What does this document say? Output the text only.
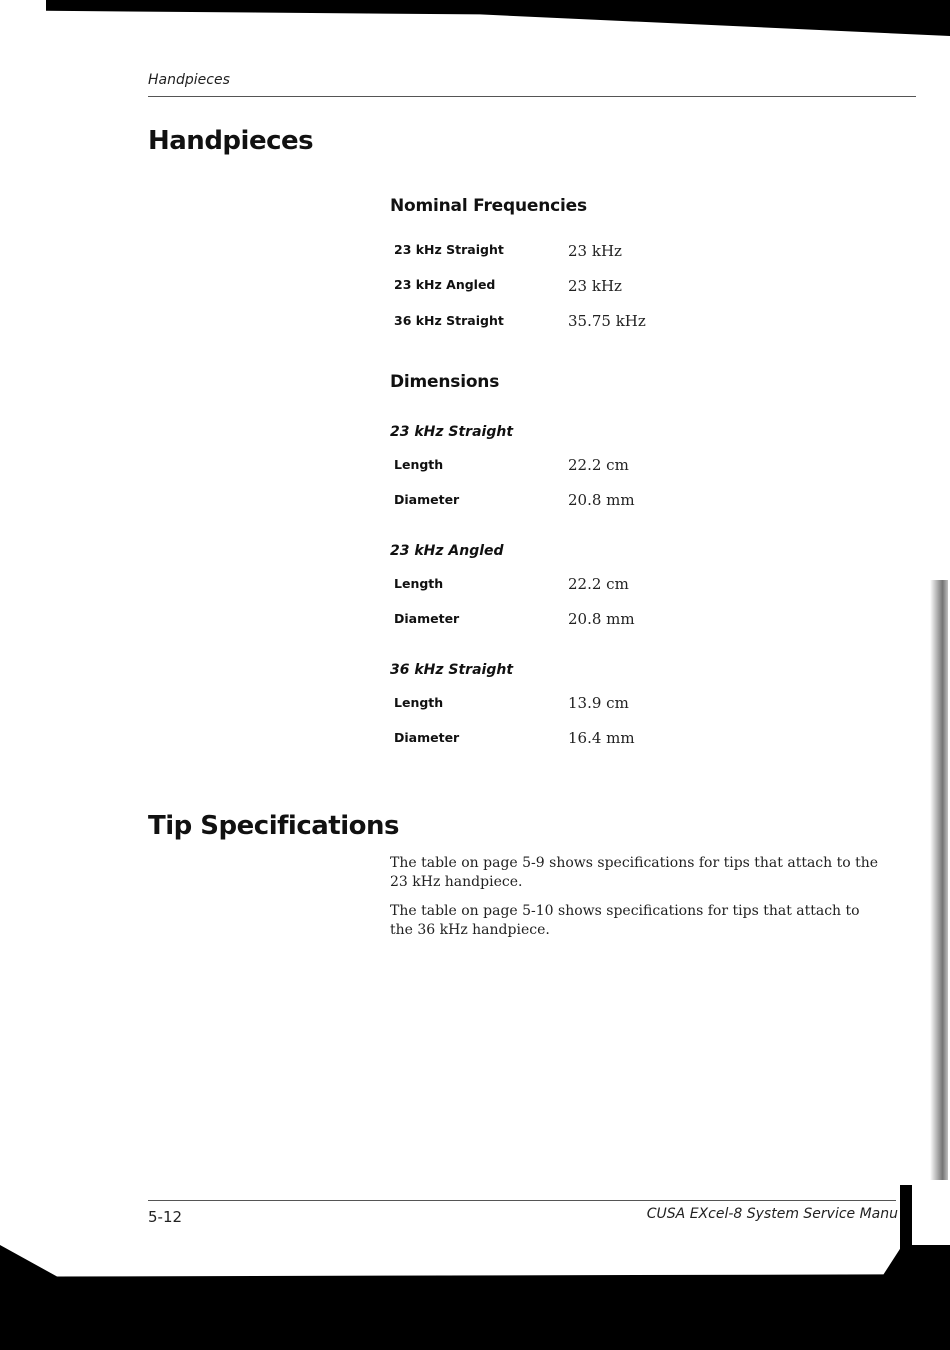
Handpieces
Handpieces
Nominal Frequencies
23 kHz Straight	23 kHz
23 kHz Angled	23 kHz
36 kHz Straight	35.75 kHz
Dimensions
23 kHz Straight
Length	22.2 cm
Diameter	20.8 mm
23 kHz Angled
Length	22.2 cm
Diameter	20.8 mm
36 kHz Straight
Length	13.9 cm
Diameter	16.4 mm
Tip Specifications
The table on page 5-9 shows specifications for tips that attach to the 23 kHz handpiece.
The table on page 5-10 shows specifications for tips that attach to the 36 kHz handpiece.
5-12	CUSA EXcel-8 System Service Manu
